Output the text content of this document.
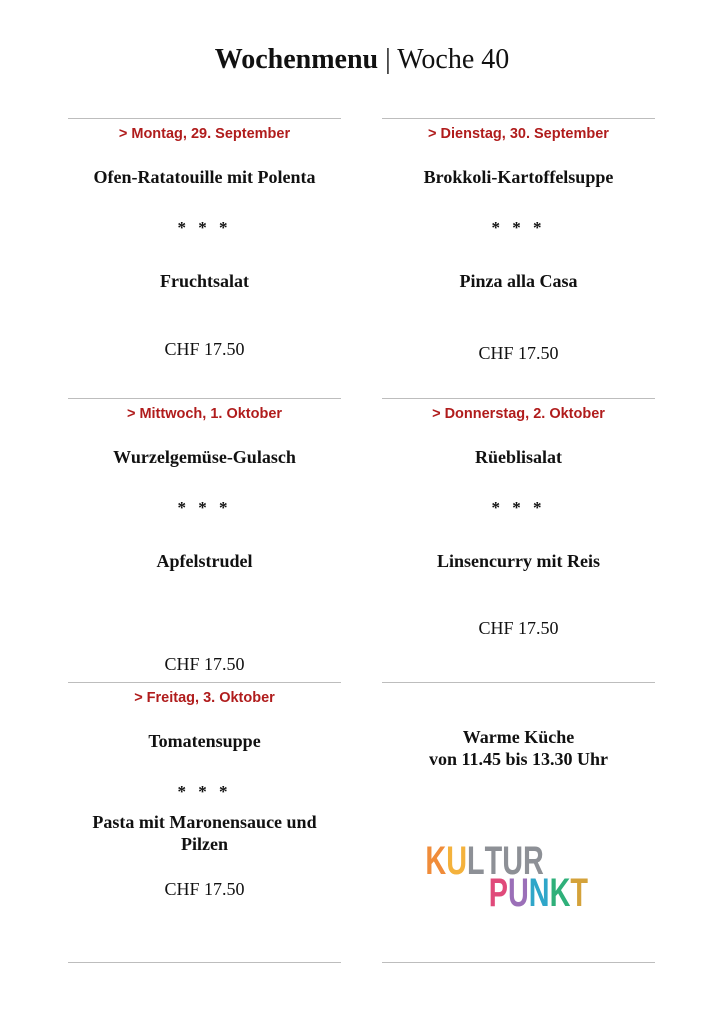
Wochenmenu | Woche 40
> Montag, 29. September
Ofen-Ratatouille mit Polenta
* * *
Fruchtsalat
CHF 17.50
> Dienstag, 30. September
Brokkoli-Kartoffelsuppe
* * *
Pinza alla Casa
CHF 17.50
> Mittwoch, 1. Oktober
Wurzelgemüse-Gulasch
* * *
Apfelstrudel
CHF 17.50
> Donnerstag, 2. Oktober
Rüeblisalat
* * *
Linsencurry mit Reis
CHF 17.50
> Freitag, 3. Oktober
Tomatensuppe
* * *
Pasta mit Maronensauce und
Pilzen
CHF 17.50
Warme Küche
von 11.45 bis 13.30 Uhr
KULTUR
PUNKT
